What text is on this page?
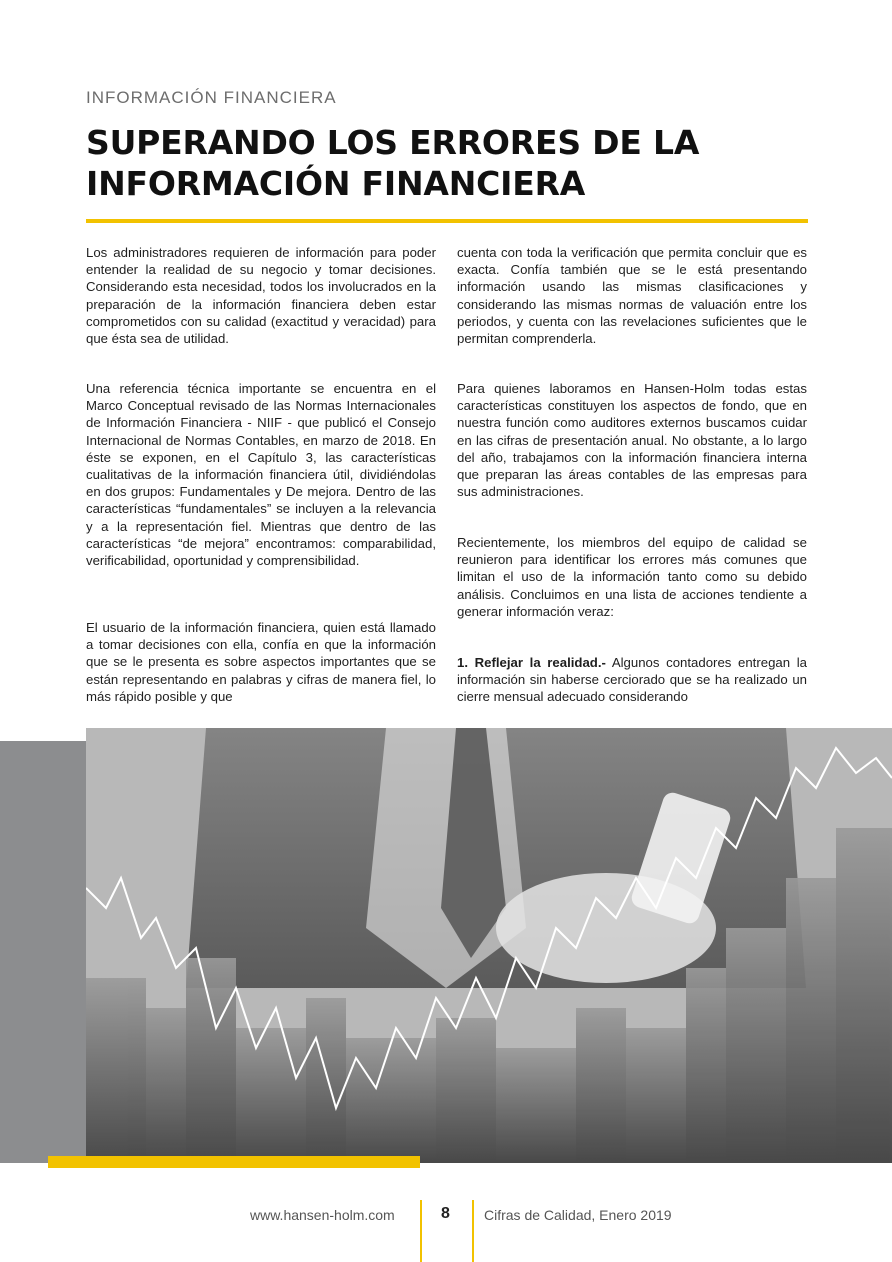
INFORMACIÓN FINANCIERA
SUPERANDO LOS ERRORES DE LA
INFORMACIÓN FINANCIERA

Los administradores requieren de información para poder entender la realidad de su negocio y tomar decisiones. Considerando esta necesidad, todos los involucrados en la preparación de la información financiera deben estar comprometidos con su calidad (exactitud y veracidad) para que ésta sea de utilidad.

Una referencia técnica importante se encuentra en el Marco Conceptual revisado de las Normas Internacionales de Información Financiera - NIIF - que publicó el Consejo Internacional de Normas Contables, en marzo de 2018. En éste se exponen, en el Capítulo 3, las características cualitativas de la información financiera útil, dividiéndolas en dos grupos: Fundamentales y De mejora. Dentro de las características “fundamentales” se incluyen a la relevancia y a la representación fiel. Mientras que dentro de las características “de mejora” encontramos: comparabilidad, verificabilidad, oportunidad y comprensibilidad.

El usuario de la información financiera, quien está llamado a tomar decisiones con ella, confía en que la información que se le presenta es sobre aspectos importantes que se están representando en palabras y cifras de manera fiel, lo más rápido posible y que

cuenta con toda la verificación que permita concluir que es exacta. Confía también que se le está presentando información usando las mismas clasificaciones y considerando las mismas normas de valuación entre los periodos, y cuenta con las revelaciones suficientes que le permitan comprenderla.

Para quienes laboramos en Hansen-Holm todas estas características constituyen los aspectos de fondo, que en nuestra función como auditores externos buscamos cuidar en las cifras de presentación anual. No obstante, a lo largo del año, trabajamos con la información financiera interna que preparan las áreas contables de las empresas para sus administraciones.

Recientemente, los miembros del equipo de calidad se reunieron para identificar los errores más comunes que limitan el uso de la información tanto como su debido análisis. Concluimos en una lista de acciones tendiente a generar información veraz:

1. Reflejar la realidad.- Algunos contadores entregan la información sin haberse cerciorado que se ha realizado un cierre mensual adecuado considerando

www.hansen-holm.com	8 Cifras de Calidad, Enero 2019
